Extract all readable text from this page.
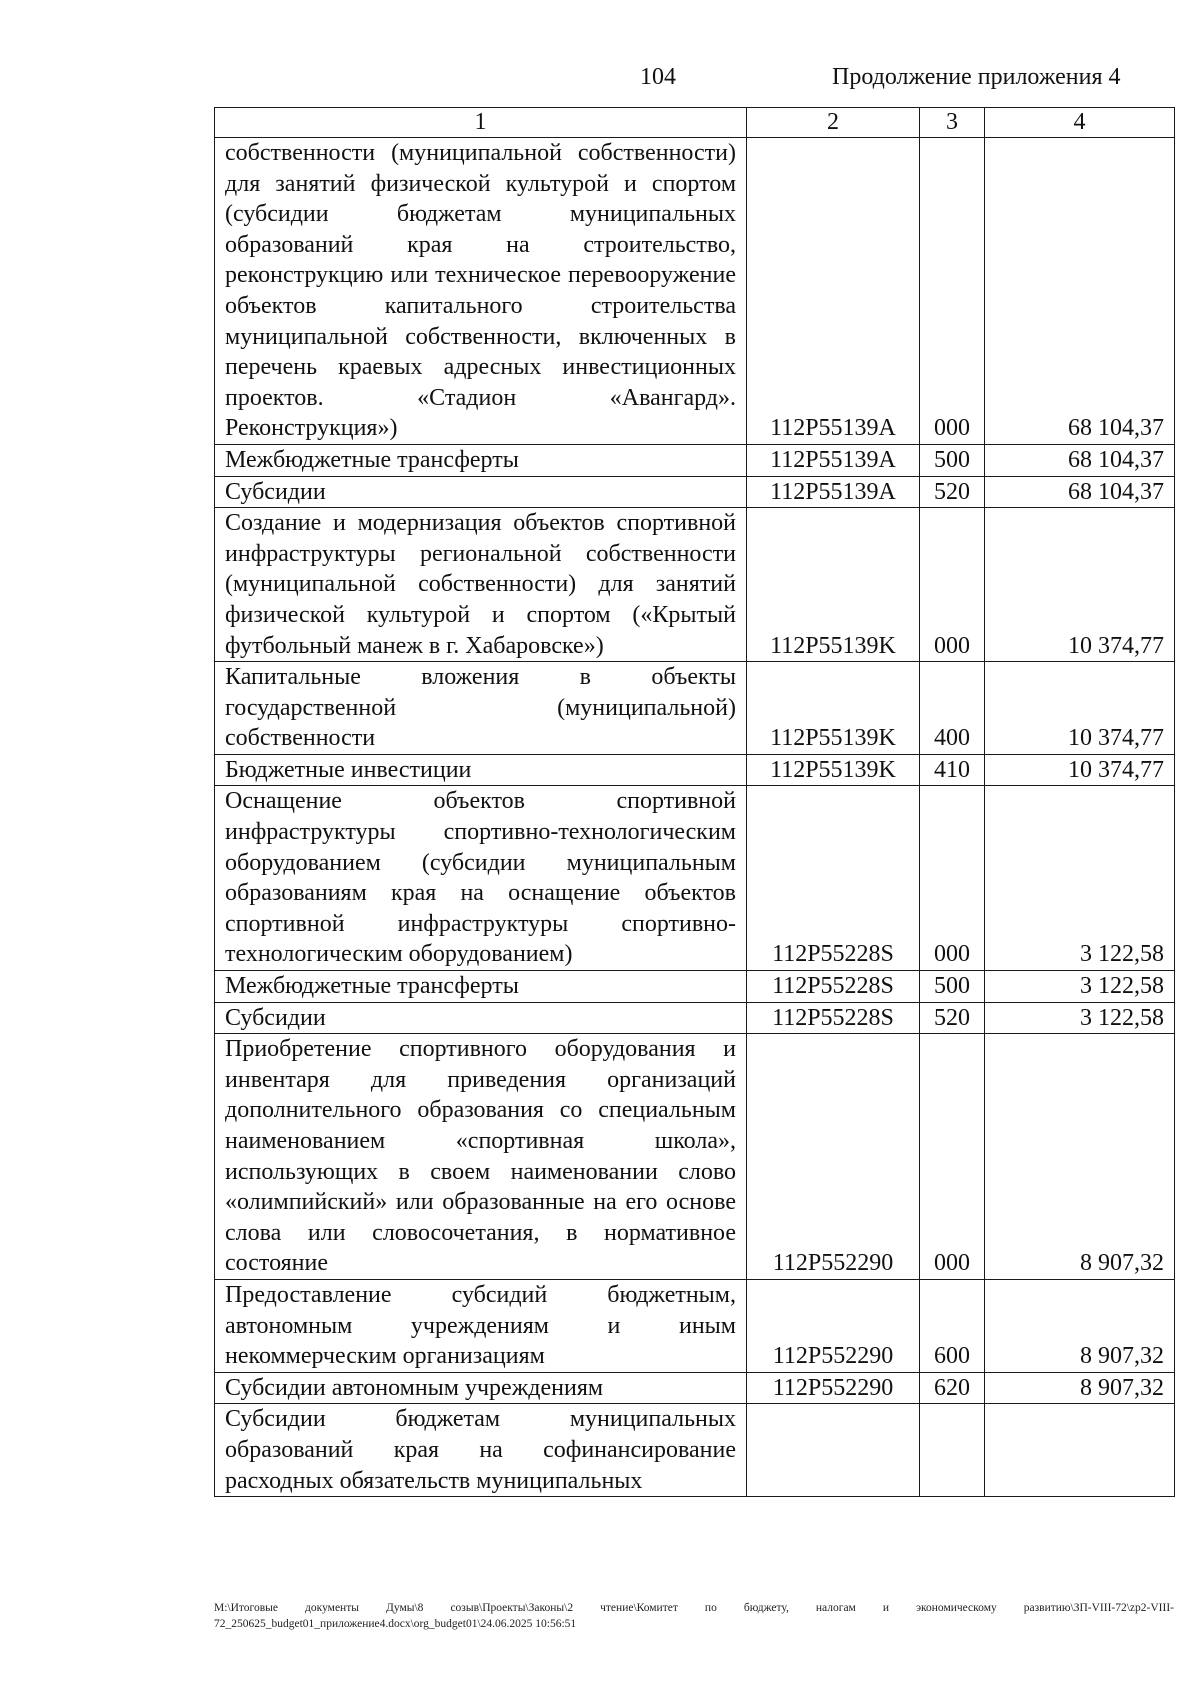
104	Продолжение приложения 4
1	2	3	4
собственности (муниципальной собственности) для занятий физической культурой и спортом (субсидии бюджетам муниципальных образований края на строительство, реконструкцию или техническое перевооружение объектов капитального строительства муниципальной собственности, включенных в перечень краевых адресных инвестиционных проектов. «Стадион «Авангард». Реконструкция»)	112P55139A	000	68 104,37
Межбюджетные трансферты	112P55139A	500	68 104,37
Субсидии	112P55139A	520	68 104,37
Создание и модернизация объектов спортивной инфраструктуры региональной собственности (муниципальной собственности) для занятий физической культурой и спортом («Крытый футбольный манеж в г. Хабаровске»)	112P55139K	000	10 374,77
Капитальные вложения в объекты государственной (муниципальной) собственности	112P55139K	400	10 374,77
Бюджетные инвестиции	112P55139K	410	10 374,77
Оснащение объектов спортивной инфраструктуры спортивно-технологическим оборудованием (субсидии муниципальным образованиям края на оснащение объектов спортивной инфраструктуры спортивно-технологическим оборудованием)	112P55228S	000	3 122,58
Межбюджетные трансферты	112P55228S	500	3 122,58
Субсидии	112P55228S	520	3 122,58
Приобретение спортивного оборудования и инвентаря для приведения организаций дополнительного образования со специальным наименованием «спортивная школа», использующих в своем наименовании слово «олимпийский» или образованные на его основе слова или словосочетания, в нормативное состояние	112P552290	000	8 907,32
Предоставление субсидий бюджетным, автономным учреждениям и иным некоммерческим организациям	112P552290	600	8 907,32
Субсидии автономным учреждениям	112P552290	620	8 907,32
Субсидии бюджетам муниципальных образований края на софинансирование расходных обязательств муниципальных			
M:\Итоговые документы Думы\8 созыв\Проекты\Законы\2 чтение\Комитет по бюджету, налогам и экономическому развитию\ЗП-VIII-72\zp2-VIII-72_250625_budget01_приложение4.docx\org_budget01\24.06.2025 10:56:51
